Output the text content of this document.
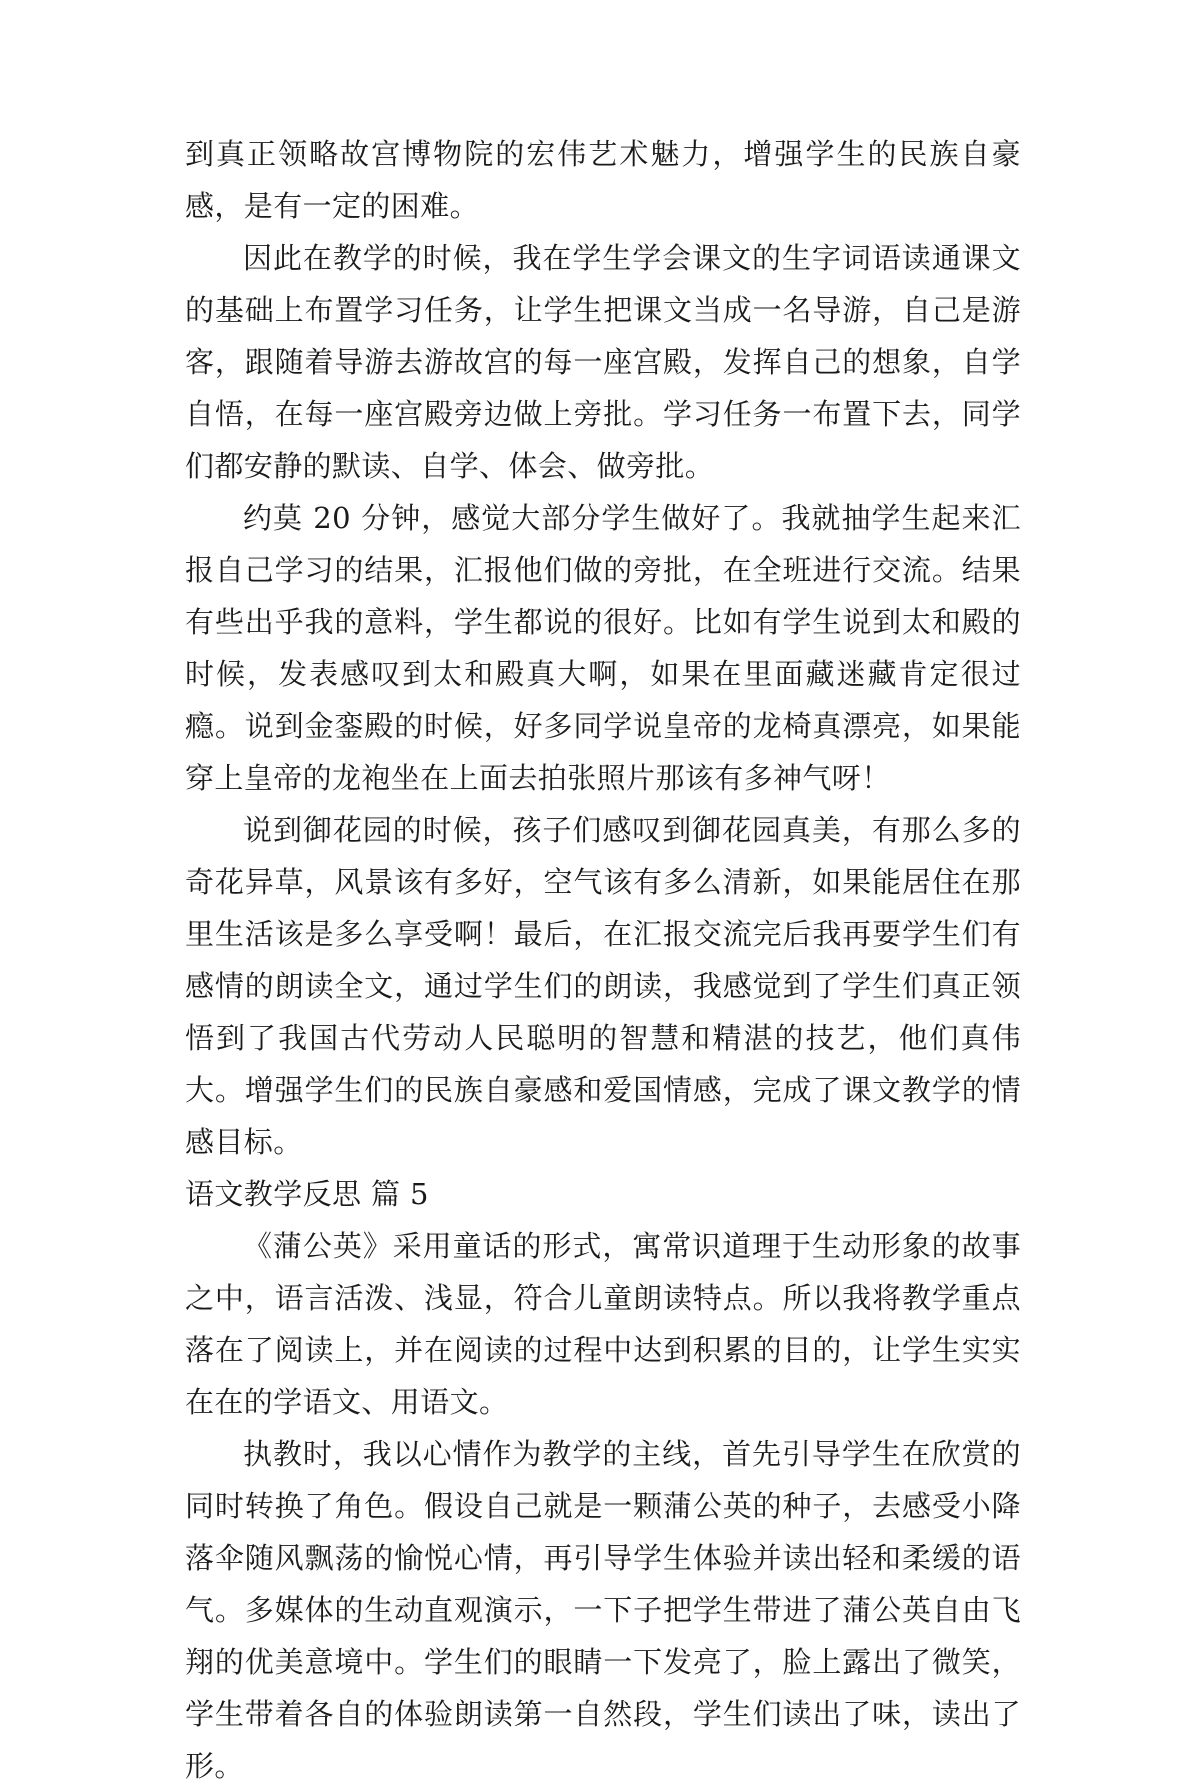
到真正领略故宫博物院的宏伟艺术魅力，增强学生的民族自豪感，是有一定的困难。

因此在教学的时候，我在学生学会课文的生字词语读通课文的基础上布置学习任务，让学生把课文当成一名导游，自己是游客，跟随着导游去游故宫的每一座宫殿，发挥自己的想象，自学自悟，在每一座宫殿旁边做上旁批。学习任务一布置下去，同学们都安静的默读、自学、体会、做旁批。

约莫 20 分钟，感觉大部分学生做好了。我就抽学生起来汇报自己学习的结果，汇报他们做的旁批，在全班进行交流。结果有些出乎我的意料，学生都说的很好。比如有学生说到太和殿的时候，发表感叹到太和殿真大啊，如果在里面藏迷藏肯定很过瘾。说到金銮殿的时候，好多同学说皇帝的龙椅真漂亮，如果能穿上皇帝的龙袍坐在上面去拍张照片那该有多神气呀！

说到御花园的时候，孩子们感叹到御花园真美，有那么多的奇花异草，风景该有多好，空气该有多么清新，如果能居住在那里生活该是多么享受啊！最后，在汇报交流完后我再要学生们有感情的朗读全文，通过学生们的朗读，我感觉到了学生们真正领悟到了我国古代劳动人民聪明的智慧和精湛的技艺，他们真伟大。增强学生们的民族自豪感和爱国情感，完成了课文教学的情感目标。

语文教学反思 篇 5

《蒲公英》采用童话的形式，寓常识道理于生动形象的故事之中，语言活泼、浅显，符合儿童朗读特点。所以我将教学重点落在了阅读上，并在阅读的过程中达到积累的目的，让学生实实在在的学语文、用语文。

执教时，我以心情作为教学的主线，首先引导学生在欣赏的同时转换了角色。假设自己就是一颗蒲公英的种子，去感受小降落伞随风飘荡的愉悦心情，再引导学生体验并读出轻和柔缓的语气。多媒体的生动直观演示，一下子把学生带进了蒲公英自由飞翔的优美意境中。学生们的眼睛一下发亮了，脸上露出了微笑，学生带着各自的体验朗读第一自然段，学生们读出了味，读出了形。
